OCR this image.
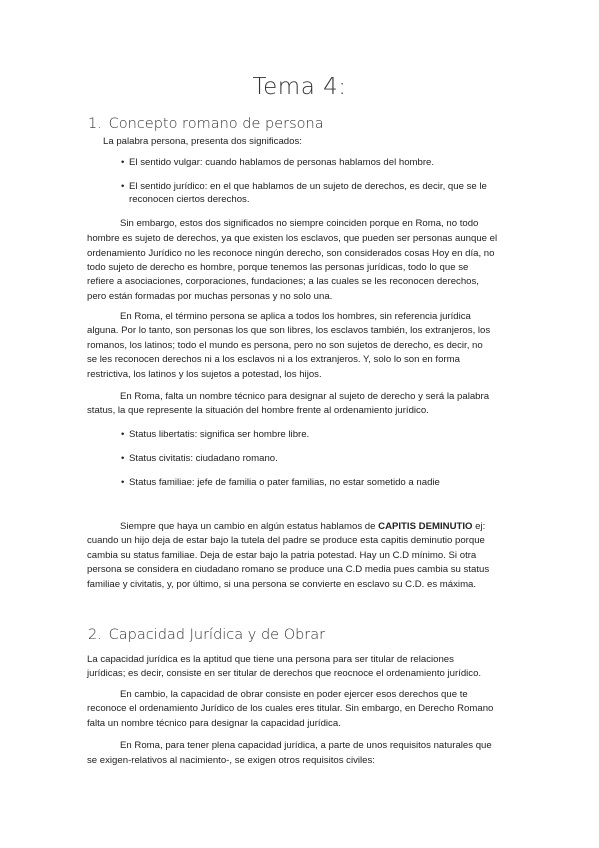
Tema 4:
1. Concepto romano de persona
La palabra persona, presenta dos significados:
• El sentido vulgar: cuando hablamos de personas hablamos del hombre.
• El sentido jurídico: en el que hablamos de un sujeto de derechos, es decir, que se le
reconocen ciertos derechos.
Sin embargo, estos dos significados no siempre coinciden porque en Roma, no todo
hombre es sujeto de derechos, ya que existen los esclavos, que pueden ser personas aunque el
ordenamiento Jurídico no les reconoce ningún derecho, son considerados cosas Hoy en día, no
todo sujeto de derecho es hombre, porque tenemos las personas jurídicas, todo lo que se
refiere a asociaciones, corporaciones, fundaciones; a las cuales se les reconocen derechos,
pero están formadas por muchas personas y no solo una.
En Roma, el término persona se aplica a todos los hombres, sin referencia jurídica
alguna. Por lo tanto, son personas los que son libres, los esclavos también, los extranjeros, los
romanos, los latinos; todo el mundo es persona, pero no son sujetos de derecho, es decir, no
se les reconocen derechos ni a los esclavos ni a los extranjeros. Y, solo lo son en forma
restrictiva, los latinos y los sujetos a potestad, los hijos.
En Roma, falta un nombre técnico para designar al sujeto de derecho y será la palabra
status, la que represente la situación del hombre frente al ordenamiento jurídico.
• Status libertatis: significa ser hombre libre.
• Status civitatis: ciudadano romano.
• Status familiae: jefe de familia o pater familias, no estar sometido a nadie
Siempre que haya un cambio en algún estatus hablamos de CAPITIS DEMINUTIO ej:
cuando un hijo deja de estar bajo la tutela del padre se produce esta capitis deminutio porque
cambia su status familiae. Deja de estar bajo la patria potestad. Hay un C.D mínimo. Si otra
persona se considera en ciudadano romano se produce una C.D media pues cambia su status
familiae y civitatis, y, por último, si una persona se convierte en esclavo su C.D. es máxima.
2. Capacidad Jurídica y de Obrar
La capacidad jurídica es la aptitud que tiene una persona para ser titular de relaciones
jurídicas; es decir, consiste en ser titular de derechos que reocnoce el ordenamiento jurídico.
En cambio, la capacidad de obrar consiste en poder ejercer esos derechos que te
reconoce el ordenamiento Jurídico de los cuales eres titular. Sin embargo, en Derecho Romano
falta un nombre técnico para designar la capacidad jurídica.
En Roma, para tener plena capacidad jurídica, a parte de unos requisitos naturales que
se exigen-relativos al nacimiento-, se exigen otros requisitos civiles:
